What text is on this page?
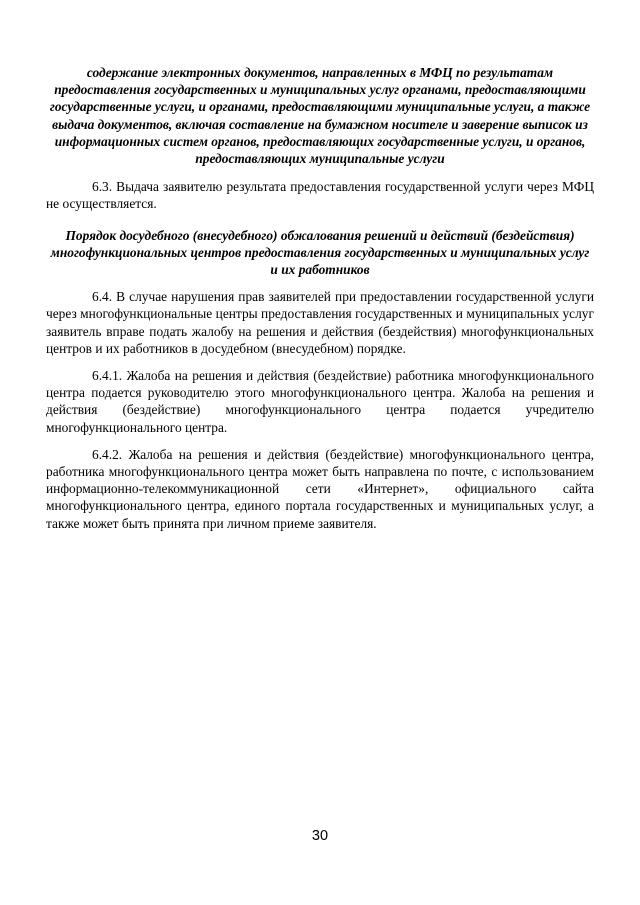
содержание электронных документов, направленных в МФЦ по результатам предоставления государственных и муниципальных услуг органами, предоставляющими государственные услуги, и органами, предоставляющими муниципальные услуги, а также выдача документов, включая составление на бумажном носителе и заверение выписок из информационных систем органов, предоставляющих государственные услуги, и органов, предоставляющих муниципальные услуги

6.3. Выдача заявителю результата предоставления государственной услуги через МФЦ не осуществляется.

Порядок досудебного (внесудебного) обжалования решений и действий (бездействия) многофункциональных центров предоставления государственных и муниципальных услуг и их работников

6.4. В случае нарушения прав заявителей при предоставлении государственной услуги через многофункциональные центры предоставления государственных и муниципальных услуг заявитель вправе подать жалобу на решения и действия (бездействия) многофункциональных центров и их работников в досудебном (внесудебном) порядке.

6.4.1. Жалоба на решения и действия (бездействие) работника многофункционального центра подается руководителю этого многофункционального центра. Жалоба на решения и действия (бездействие) многофункционального центра подается учредителю многофункционального центра.

6.4.2. Жалоба на решения и действия (бездействие) многофункционального центра, работника многофункционального центра может быть направлена по почте, с использованием информационно-телекоммуникационной сети «Интернет», официального сайта многофункционального центра, единого портала государственных и муниципальных услуг, а также может быть принята при личном приеме заявителя.

30
